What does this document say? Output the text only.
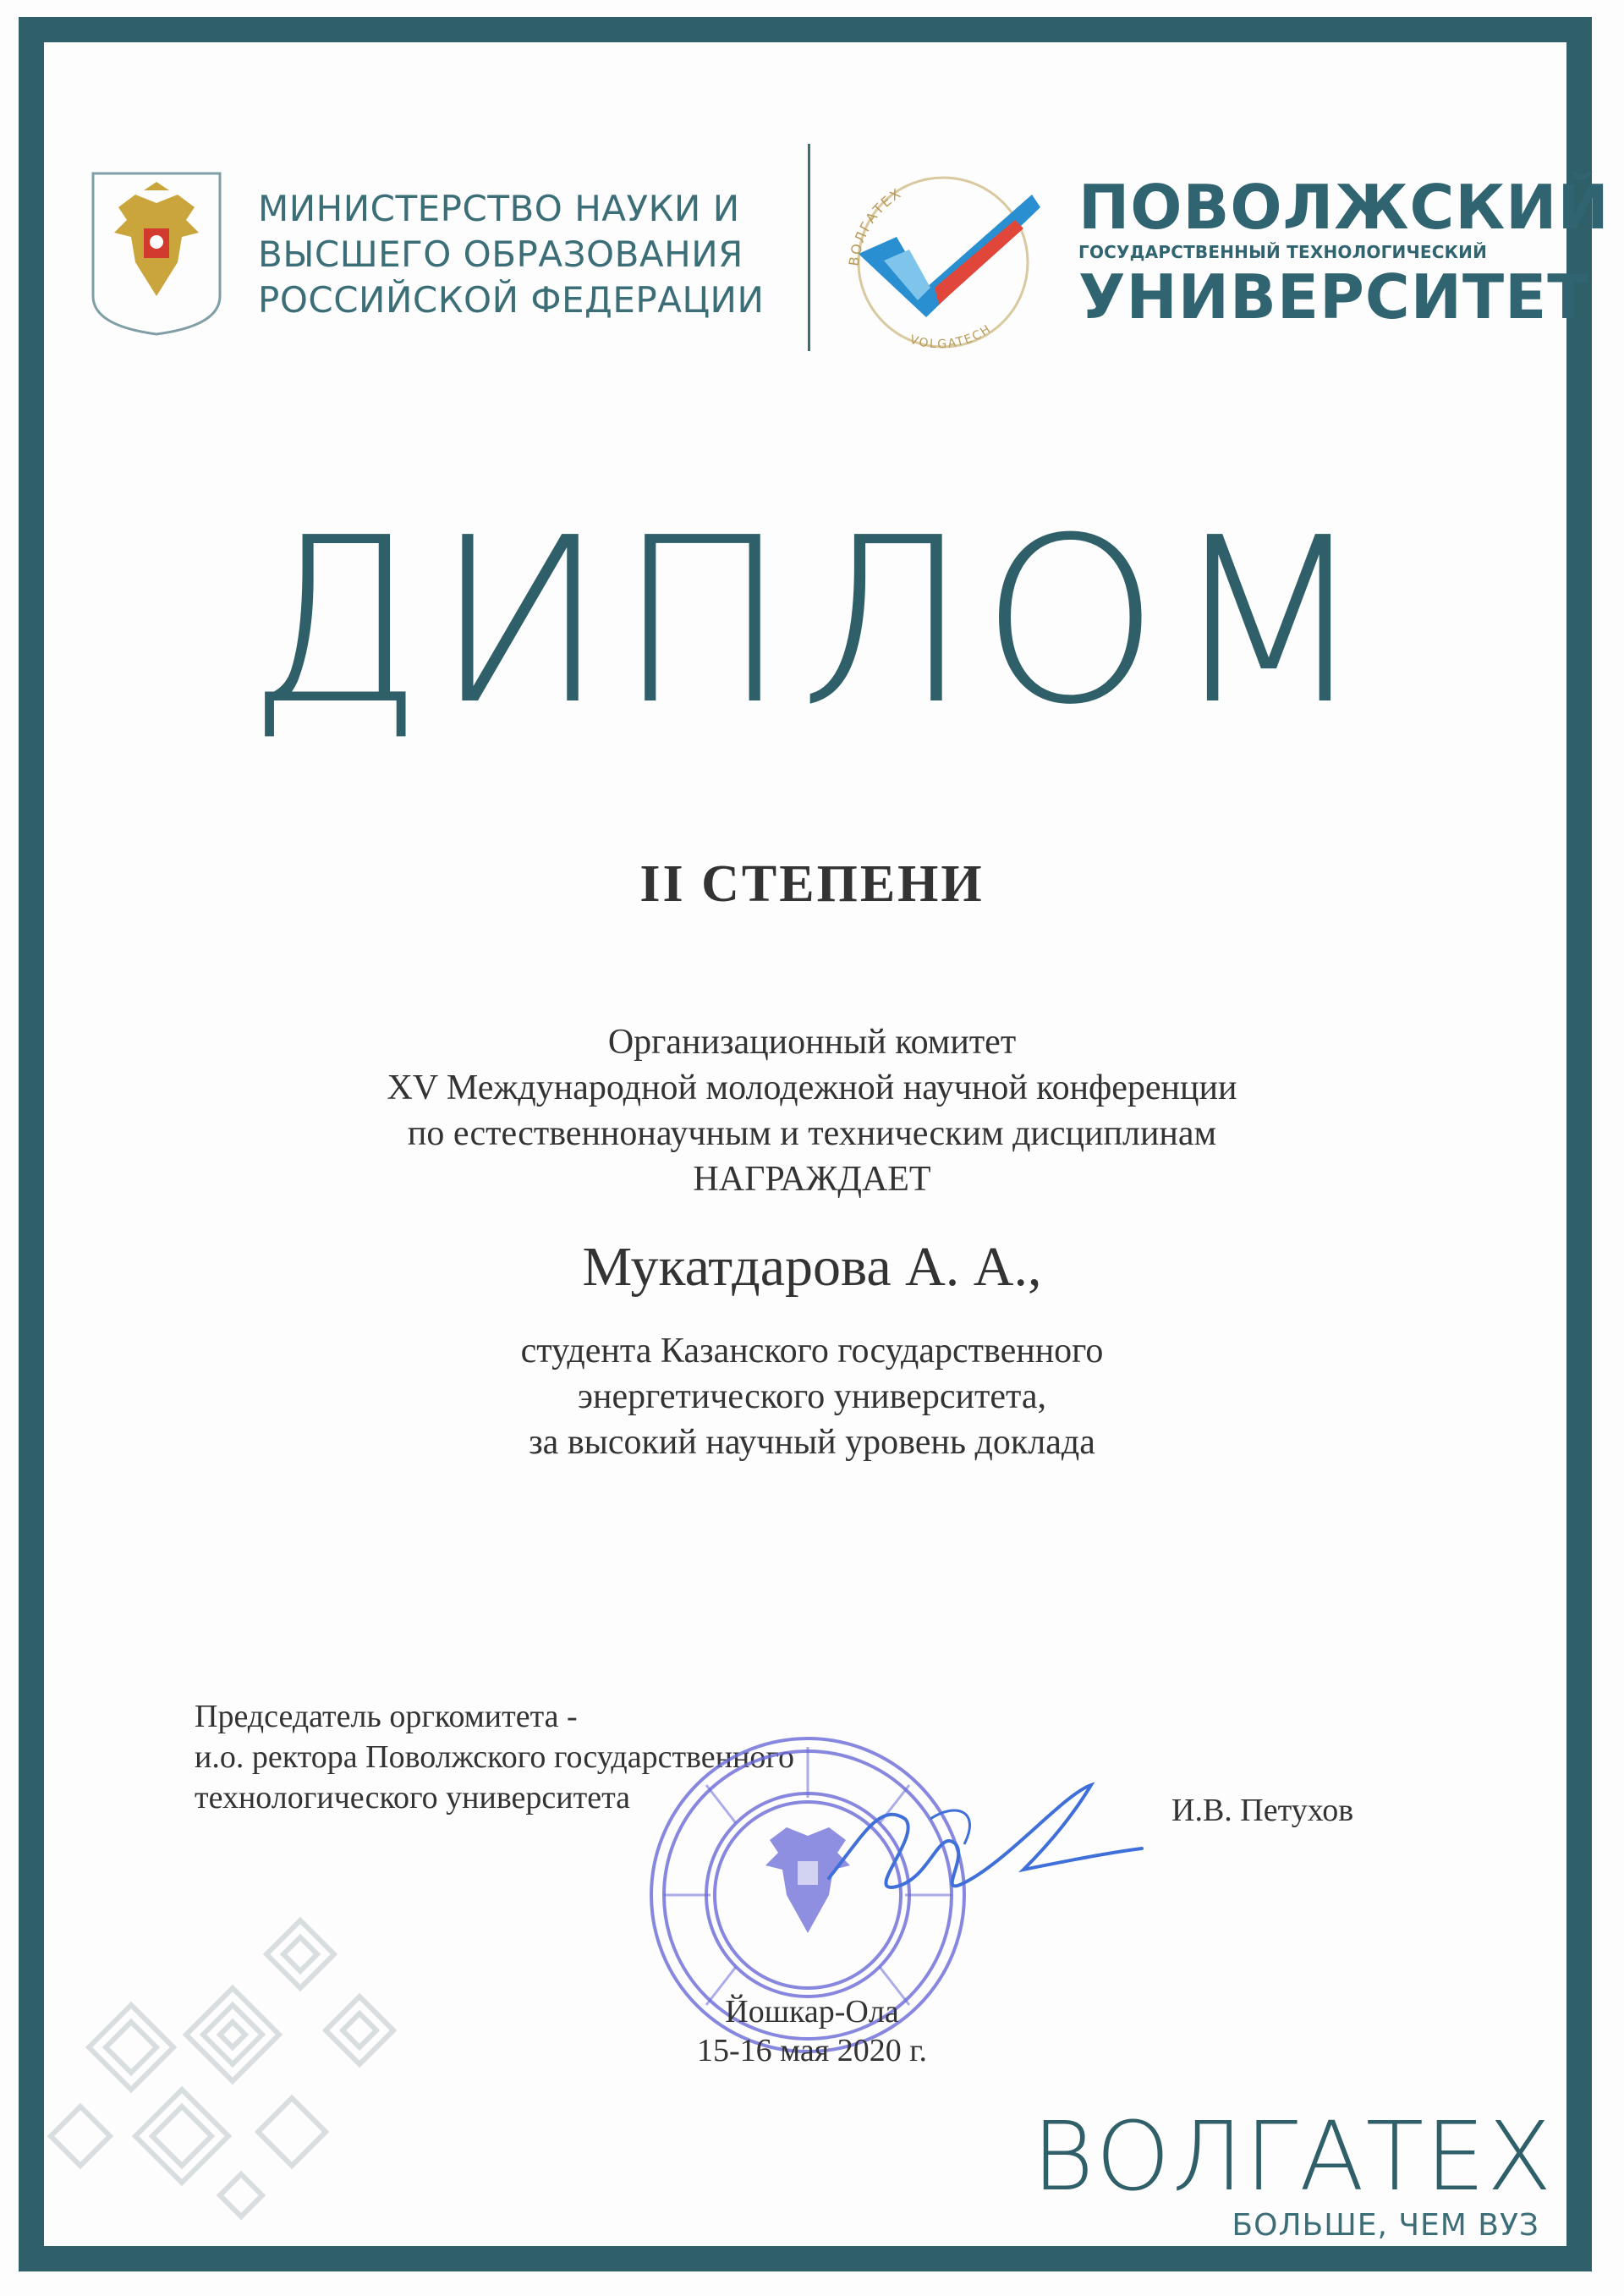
МИНИСТЕРСТВО НАУКИ И
ВЫСШЕГО ОБРАЗОВАНИЯ
РОССИЙСКОЙ ФЕДЕРАЦИИ
ВОЛГАТЕХ
VOLGATECH
ПОВОЛЖСКИЙ
ГОСУДАРСТВЕННЫЙ ТЕХНОЛОГИЧЕСКИЙ
УНИВЕРСИТЕТ
ДИПЛОМ
II СТЕПЕНИ
Организационный комитет
XV Международной молодежной научной конференции
по естественнонаучным и техническим дисциплинам
НАГРАЖДАЕТ
Мукатдарова А. А.,
студента Казанского государственного
энергетического университета,
за высокий научный уровень доклада
Председатель оргкомитета -
и.о. ректора Поволжского государственного
технологического университета	И.В. Петухов
Йошкар-Ола
15-16 мая 2020 г.
ВОЛГАТЕХ
БОЛЬШЕ, ЧЕМ ВУЗ
